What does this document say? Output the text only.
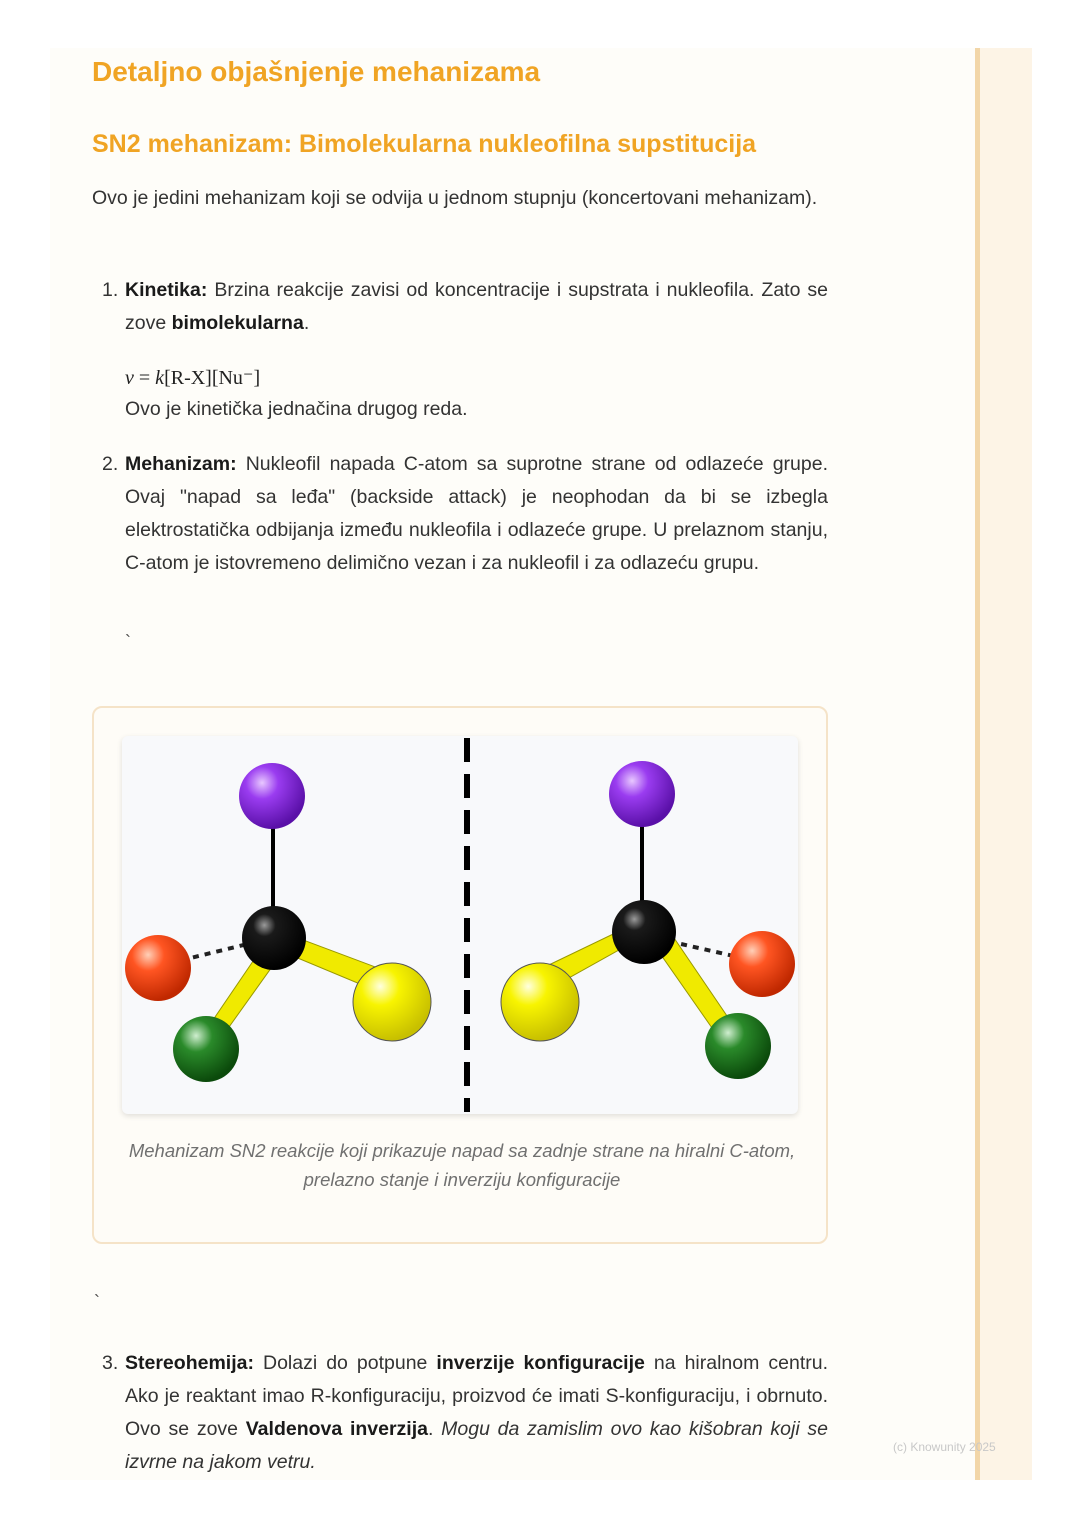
Detaljno objašnjenje mehanizama
SN2 mehanizam: Bimolekularna nukleofilna supstitucija

Ovo je jedini mehanizam koji se odvija u jednom stupnju (koncertovani mehanizam).

1. Kinetika: Brzina reakcije zavisi od koncentracije i supstrata i nukleofila. Zato se zove bimolekularna.

v = k[R-X][Nu⁻]
Ovo je kinetička jednačina drugog reda.
2. Mehanizam: Nukleofil napada C-atom sa suprotne strane od odlazeće grupe. Ovaj "napad sa leđa" (backside attack) je neophodan da bi se izbegla elektrostatička odbijanja između nukleofila i odlazeće grupe. U prelaznom stanju, C-atom je istovremeno delimično vezan i za nukleofil i za odlazeću grupu.

`
Mehanizam SN2 reakcije koji prikazuje napad sa zadnje strane na hiralni C-atom, prelazno stanje i inverziju konfiguracije
`
3. Stereohemija: Dolazi do potpune inverzije konfiguracije na hiralnom centru. Ako je reaktant imao R-konfiguraciju, proizvod će imati S-konfiguraciju, i obrnuto. Ovo se zove Valdenova inverzija. Mogu da zamislim ovo kao kišobran koji se izvrne na jakom vetru.

(c) Knowunity 2025
